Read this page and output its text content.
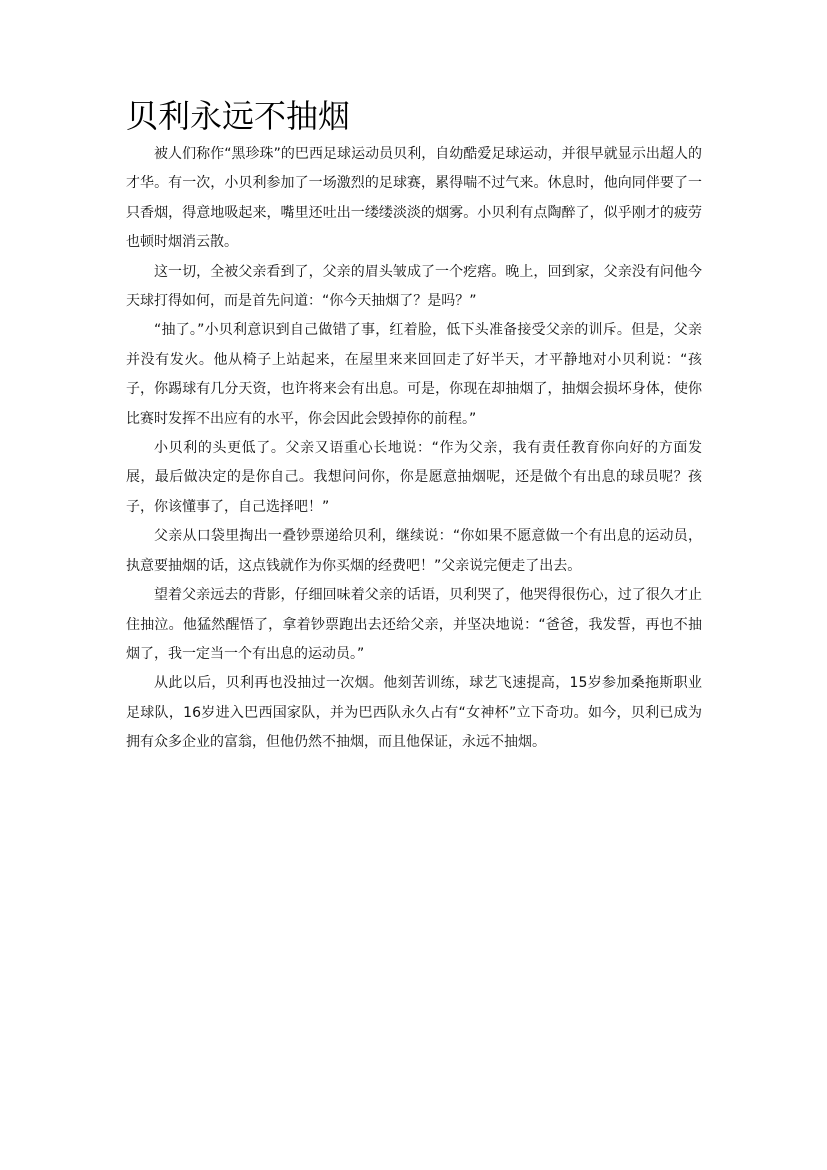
贝利永远不抽烟

被人们称作“黑珍珠”的巴西足球运动员贝利，自幼酷爱足球运动，并很早就显示出超人的才华。有一次，小贝利参加了一场激烈的足球赛，累得喘不过气来。休息时，他向同伴要了一只香烟，得意地吸起来，嘴里还吐出一缕缕淡淡的烟雾。小贝利有点陶醉了，似乎刚才的疲劳也顿时烟消云散。

这一切，全被父亲看到了，父亲的眉头皱成了一个疙瘩。晚上，回到家，父亲没有问他今天球打得如何，而是首先问道：“你今天抽烟了？是吗？”

“抽了。”小贝利意识到自己做错了事，红着脸，低下头准备接受父亲的训斥。但是，父亲并没有发火。他从椅子上站起来，在屋里来来回回走了好半天，才平静地对小贝利说：“孩子，你踢球有几分天资，也许将来会有出息。可是，你现在却抽烟了，抽烟会损坏身体，使你比赛时发挥不出应有的水平，你会因此会毁掉你的前程。”

小贝利的头更低了。父亲又语重心长地说：“作为父亲，我有责任教育你向好的方面发展，最后做决定的是你自己。我想问问你，你是愿意抽烟呢，还是做个有出息的球员呢？孩子，你该懂事了，自己选择吧！”

父亲从口袋里掏出一叠钞票递给贝利，继续说：“你如果不愿意做一个有出息的运动员，执意要抽烟的话，这点钱就作为你买烟的经费吧！”父亲说完便走了出去。

望着父亲远去的背影，仔细回味着父亲的话语，贝利哭了，他哭得很伤心，过了很久才止住抽泣。他猛然醒悟了，拿着钞票跑出去还给父亲，并坚决地说：“爸爸，我发誓，再也不抽烟了，我一定当一个有出息的运动员。”

从此以后，贝利再也没抽过一次烟。他刻苦训练，球艺飞速提高，15岁参加桑拖斯职业足球队，16岁进入巴西国家队，并为巴西队永久占有“女神杯”立下奇功。如今，贝利已成为拥有众多企业的富翁，但他仍然不抽烟，而且他保证，永远不抽烟。
